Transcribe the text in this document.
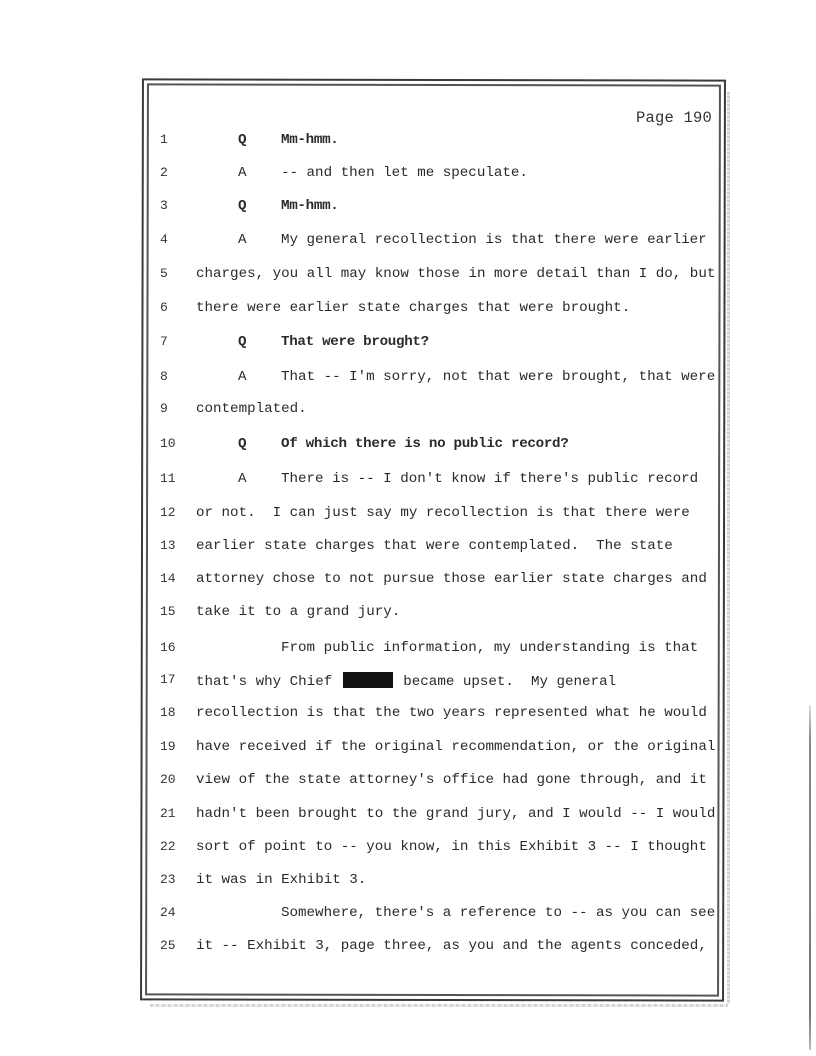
Page 190
1	Q Mm-hmm.
2	A -- and then let me speculate.
3	Q Mm-hmm.
4	A My general recollection is that there were earlier
5 charges, you all may know those in more detail than I do, but
6 there were earlier state charges that were brought.
7	Q That were brought?
8	A That -- I'm sorry, not that were brought, that were
9 contemplated.
10	Q Of which there is no public record?
11	A There is -- I don't know if there's public record
12 or not.  I can just say my recollection is that there were
13 earlier state charges that were contemplated.  The state
14 attorney chose to not pursue those earlier state charges and
15 take it to a grand jury.
16	From public information, my understanding is that
17 that's why Chief	became upset.  My general
18 recollection is that the two years represented what he would
19 have received if the original recommendation, or the original
20 view of the state attorney's office had gone through, and it
21 hadn't been brought to the grand jury, and I would -- I would
22 sort of point to -- you know, in this Exhibit 3 -- I thought
23 it was in Exhibit 3.
24	Somewhere, there's a reference to -- as you can see
25 it -- Exhibit 3, page three, as you and the agents conceded,
